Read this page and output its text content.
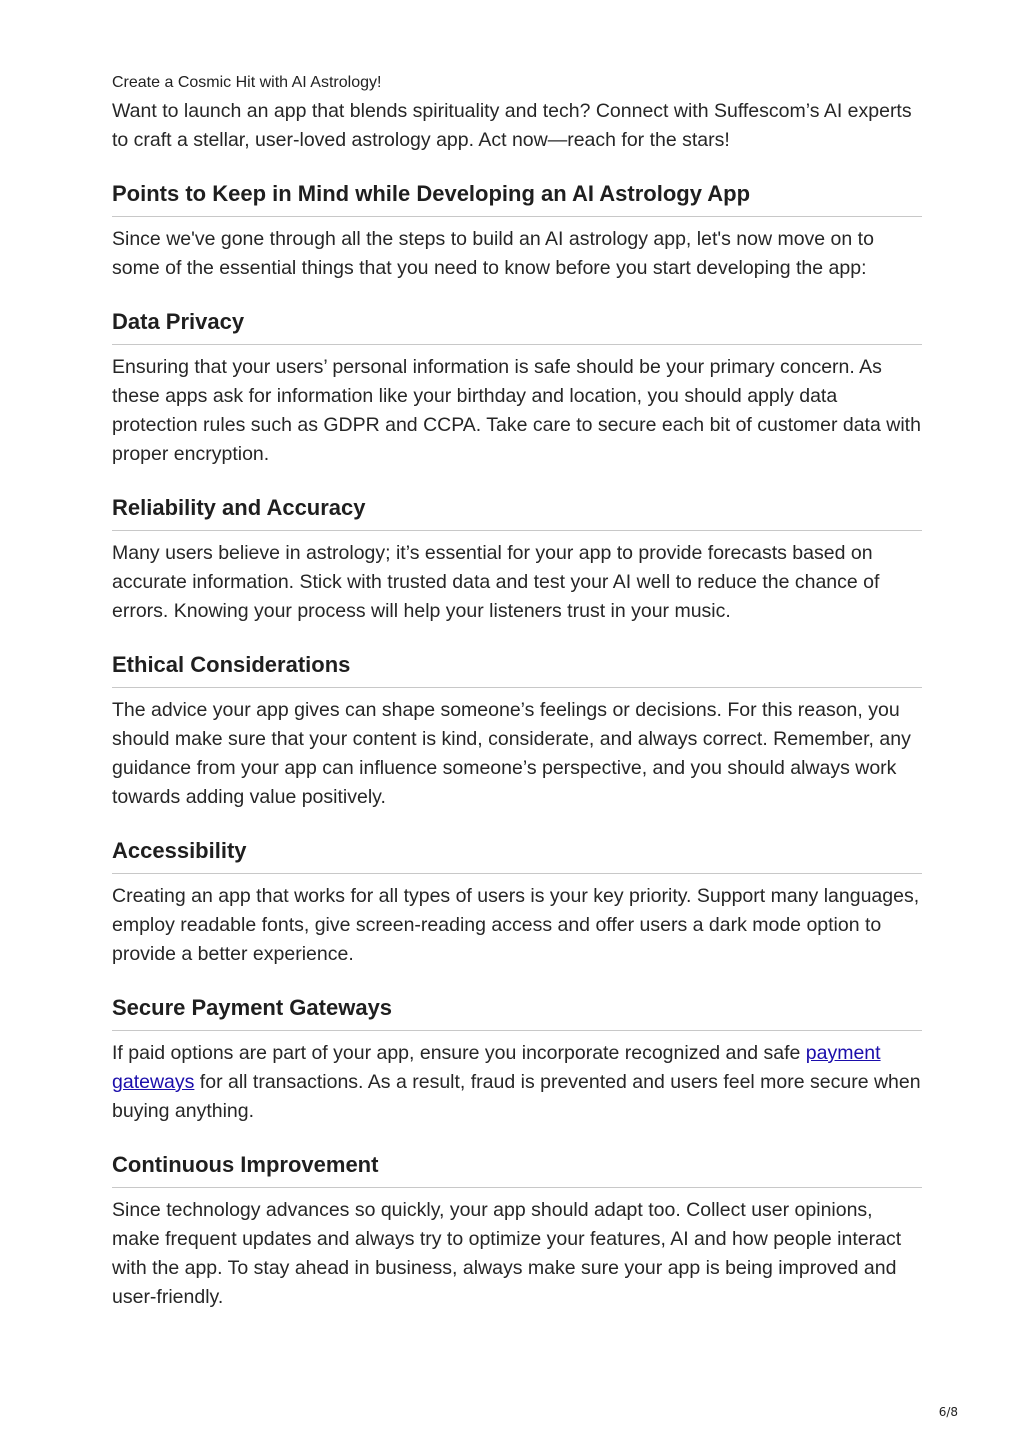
Create a Cosmic Hit with AI Astrology!

Want to launch an app that blends spirituality and tech? Connect with Suffescom’s AI experts to craft a stellar, user-loved astrology app. Act now—reach for the stars!

Points to Keep in Mind while Developing an AI Astrology App

Since we've gone through all the steps to build an AI astrology app, let's now move on to some of the essential things that you need to know before you start developing the app:

Data Privacy

Ensuring that your users’ personal information is safe should be your primary concern. As these apps ask for information like your birthday and location, you should apply data protection rules such as GDPR and CCPA. Take care to secure each bit of customer data with proper encryption.

Reliability and Accuracy

Many users believe in astrology; it’s essential for your app to provide forecasts based on accurate information. Stick with trusted data and test your AI well to reduce the chance of errors. Knowing your process will help your listeners trust in your music.

Ethical Considerations

The advice your app gives can shape someone’s feelings or decisions. For this reason, you should make sure that your content is kind, considerate, and always correct. Remember, any guidance from your app can influence someone’s perspective, and you should always work towards adding value positively.

Accessibility

Creating an app that works for all types of users is your key priority. Support many languages, employ readable fonts, give screen-reading access and offer users a dark mode option to provide a better experience.

Secure Payment Gateways

If paid options are part of your app, ensure you incorporate recognized and safe payment gateways for all transactions. As a result, fraud is prevented and users feel more secure when buying anything.

Continuous Improvement

Since technology advances so quickly, your app should adapt too. Collect user opinions, make frequent updates and always try to optimize your features, AI and how people interact with the app. To stay ahead in business, always make sure your app is being improved and user-friendly.

6/8
